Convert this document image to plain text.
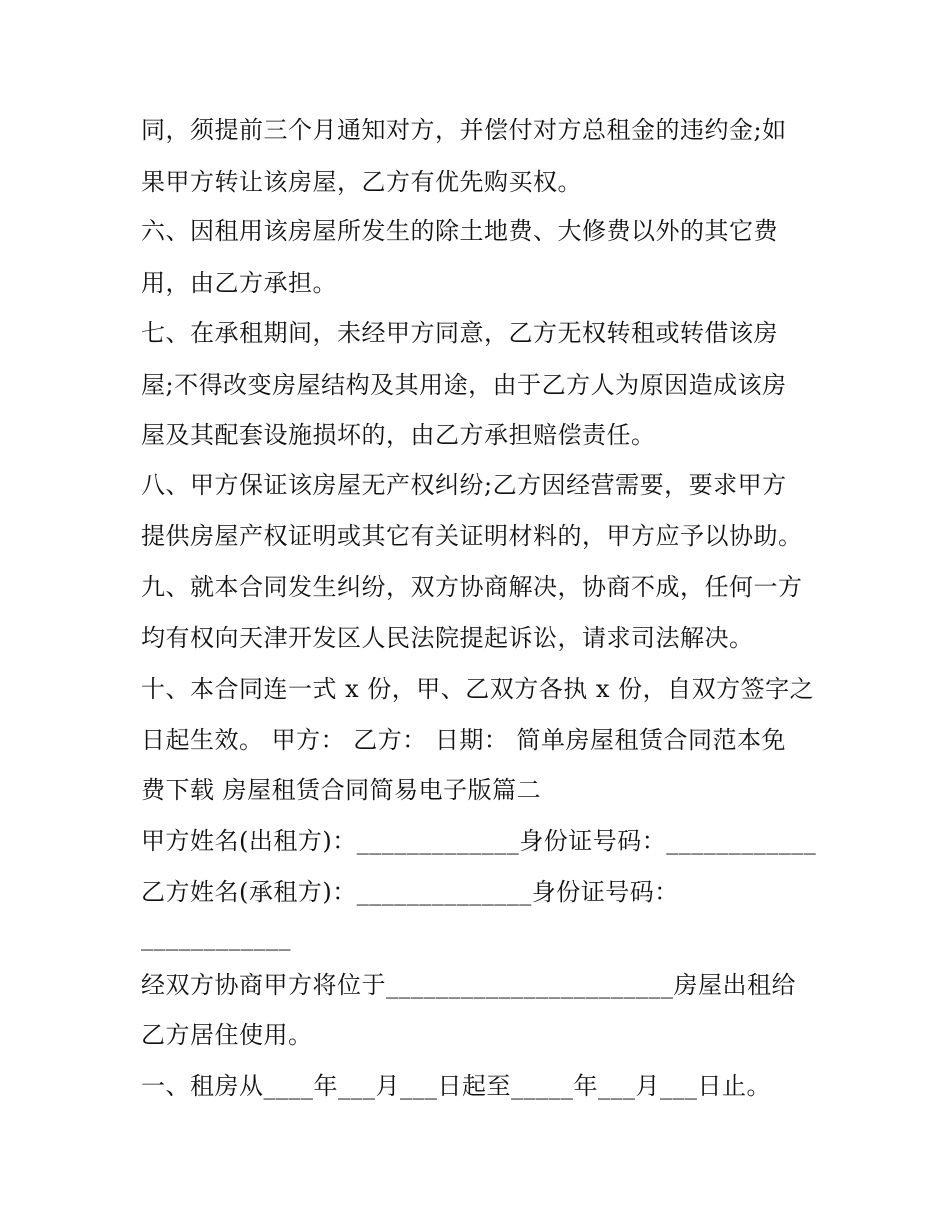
同，须提前三个月通知对方，并偿付对方总租金的违约金;如
果甲方转让该房屋，乙方有优先购买权。
六、因租用该房屋所发生的除土地费、大修费以外的其它费
用，由乙方承担。
七、在承租期间，未经甲方同意，乙方无权转租或转借该房
屋;不得改变房屋结构及其用途，由于乙方人为原因造成该房
屋及其配套设施损坏的，由乙方承担赔偿责任。
八、甲方保证该房屋无产权纠纷;乙方因经营需要，要求甲方
提供房屋产权证明或其它有关证明材料的，甲方应予以协助。
九、就本合同发生纠纷，双方协商解决，协商不成，任何一方
均有权向天津开发区人民法院提起诉讼，请求司法解决。
十、本合同连一式 x 份，甲、乙双方各执 x 份，自双方签字之
日起生效。 甲方： 乙方： 日期： 简单房屋租赁合同范本免
费下载 房屋租赁合同简易电子版篇二
甲方姓名(出租方)：_____________身份证号码：____________
乙方姓名(承租方)：______________身份证号码：
____________
经双方协商甲方将位于_______________________房屋出租给
乙方居住使用。
一、租房从____年___月___日起至_____年___月___日止。
